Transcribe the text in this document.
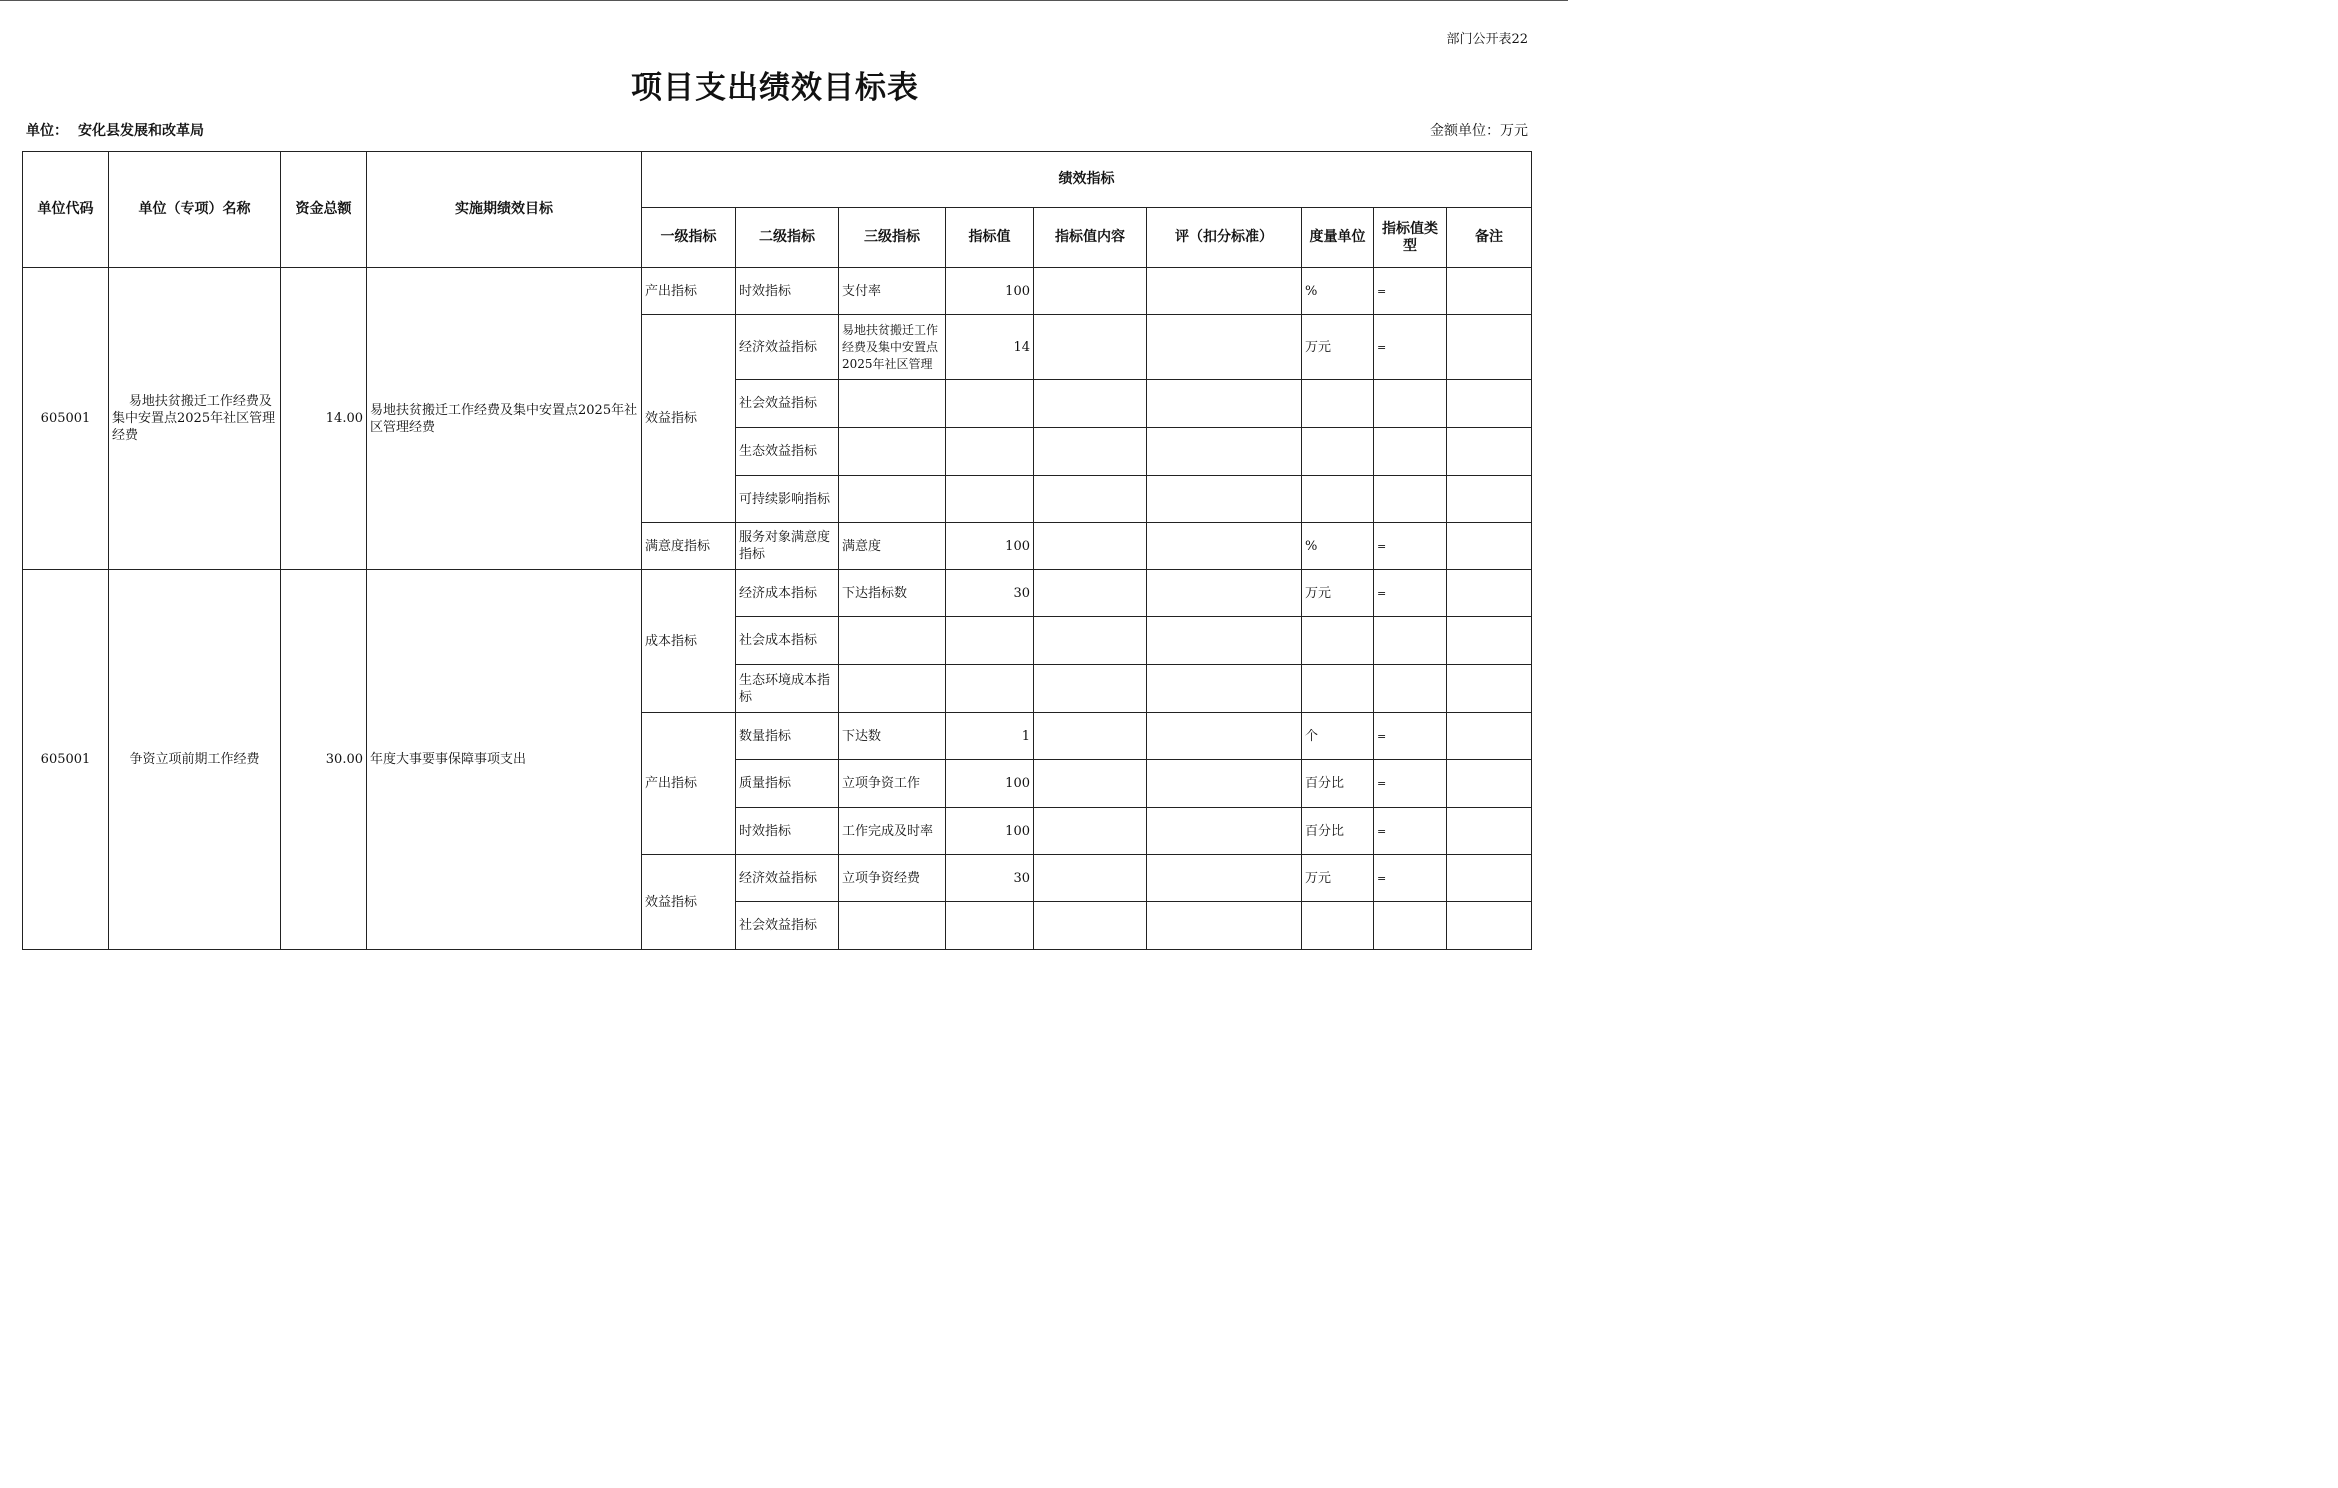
部门公开表22
项目支出绩效目标表
单位： 安化县发展和改革局	金额单位：万元
单位代码	单位（专项）名称	资金总额	实施期绩效目标	绩效指标								
				一级指标	二级指标	三级指标	指标值	指标值内容	评（扣分标准）	度量单位	指标值类型	备注
605001	易地扶贫搬迁工作经费及集中安置点2025年社区管理经费	14.00	易地扶贫搬迁工作经费及集中安置点2025年社区管理经费	产出指标	时效指标	支付率	100			%	=	
				效益指标	经济效益指标	易地扶贫搬迁工作经费及集中安置点2025年社区管理	14			万元	=	
					社会效益指标							
					生态效益指标							
					可持续影响指标							
				满意度指标	服务对象满意度指标	满意度	100			%	=	
605001	争资立项前期工作经费	30.00	年度大事要事保障事项支出	成本指标	经济成本指标	下达指标数	30			万元	=	
					社会成本指标							
					生态环境成本指标							
				产出指标	数量指标	下达数	1			个	=	
					质量指标	立项争资工作	100			百分比	=	
					时效指标	工作完成及时率	100			百分比	=	
				效益指标	经济效益指标	立项争资经费	30			万元	=	
					社会效益指标							
